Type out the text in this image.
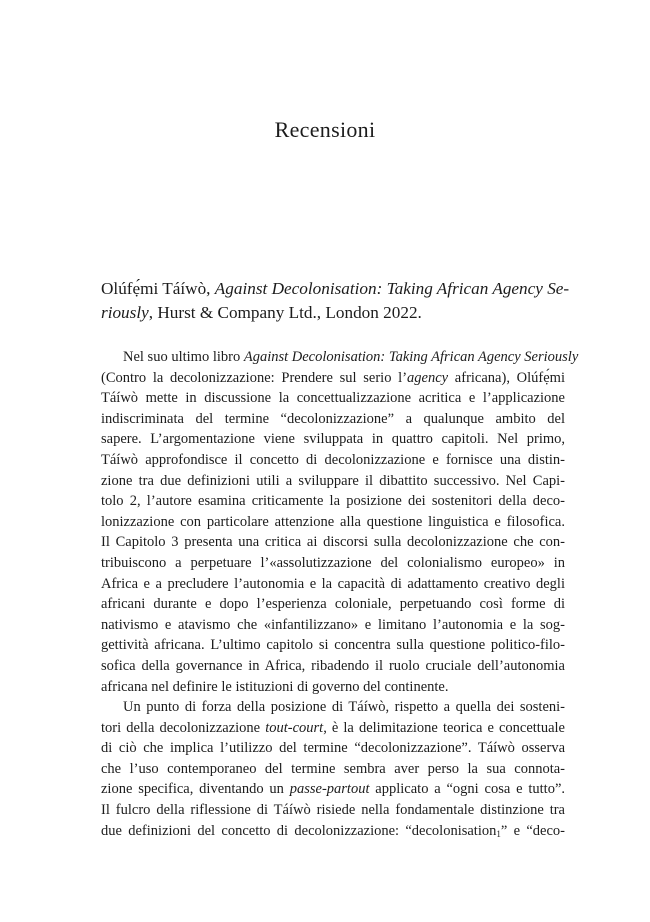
Recensioni
Olúfẹ́mi Táíwò, Against Decolonisation: Taking African Agency Se-
riously, Hurst & Company Ltd., London 2022.
Nel suo ultimo libro Against Decolonisation: Taking African Agency Seriously
(Contro la decolonizzazione: Prendere sul serio l’agency africana), Olúfẹ́mi
Táíwò mette in discussione la concettualizzazione acritica e l’applicazione
indiscriminata del termine “decolonizzazione” a qualunque ambito del
sapere. L’argomentazione viene sviluppata in quattro capitoli. Nel primo,
Táíwò approfondisce il concetto di decolonizzazione e fornisce una distin-
zione tra due definizioni utili a sviluppare il dibattito successivo. Nel Capi-
tolo 2, l’autore esamina criticamente la posizione dei sostenitori della deco-
lonizzazione con particolare attenzione alla questione linguistica e filosofica.
Il Capitolo 3 presenta una critica ai discorsi sulla decolonizzazione che con-
tribuiscono a perpetuare l’«assolutizzazione del colonialismo europeo» in
Africa e a precludere l’autonomia e la capacità di adattamento creativo degli
africani durante e dopo l’esperienza coloniale, perpetuando così forme di
nativismo e atavismo che «infantilizzano» e limitano l’autonomia e la sog-
gettività africana. L’ultimo capitolo si concentra sulla questione politico-filo-
sofica della governance in Africa, ribadendo il ruolo cruciale dell’autonomia
africana nel definire le istituzioni di governo del continente.
Un punto di forza della posizione di Táíwò, rispetto a quella dei sosteni-
tori della decolonizzazione tout-court, è la delimitazione teorica e concettuale
di ciò che implica l’utilizzo del termine “decolonizzazione”. Táíwò osserva
che l’uso contemporaneo del termine sembra aver perso la sua connota-
zione specifica, diventando un passe-partout applicato a “ogni cosa e tutto”.
Il fulcro della riflessione di Táíwò risiede nella fondamentale distinzione tra
due definizioni del concetto di decolonizzazione: “decolonisation$_1$” e “deco-
